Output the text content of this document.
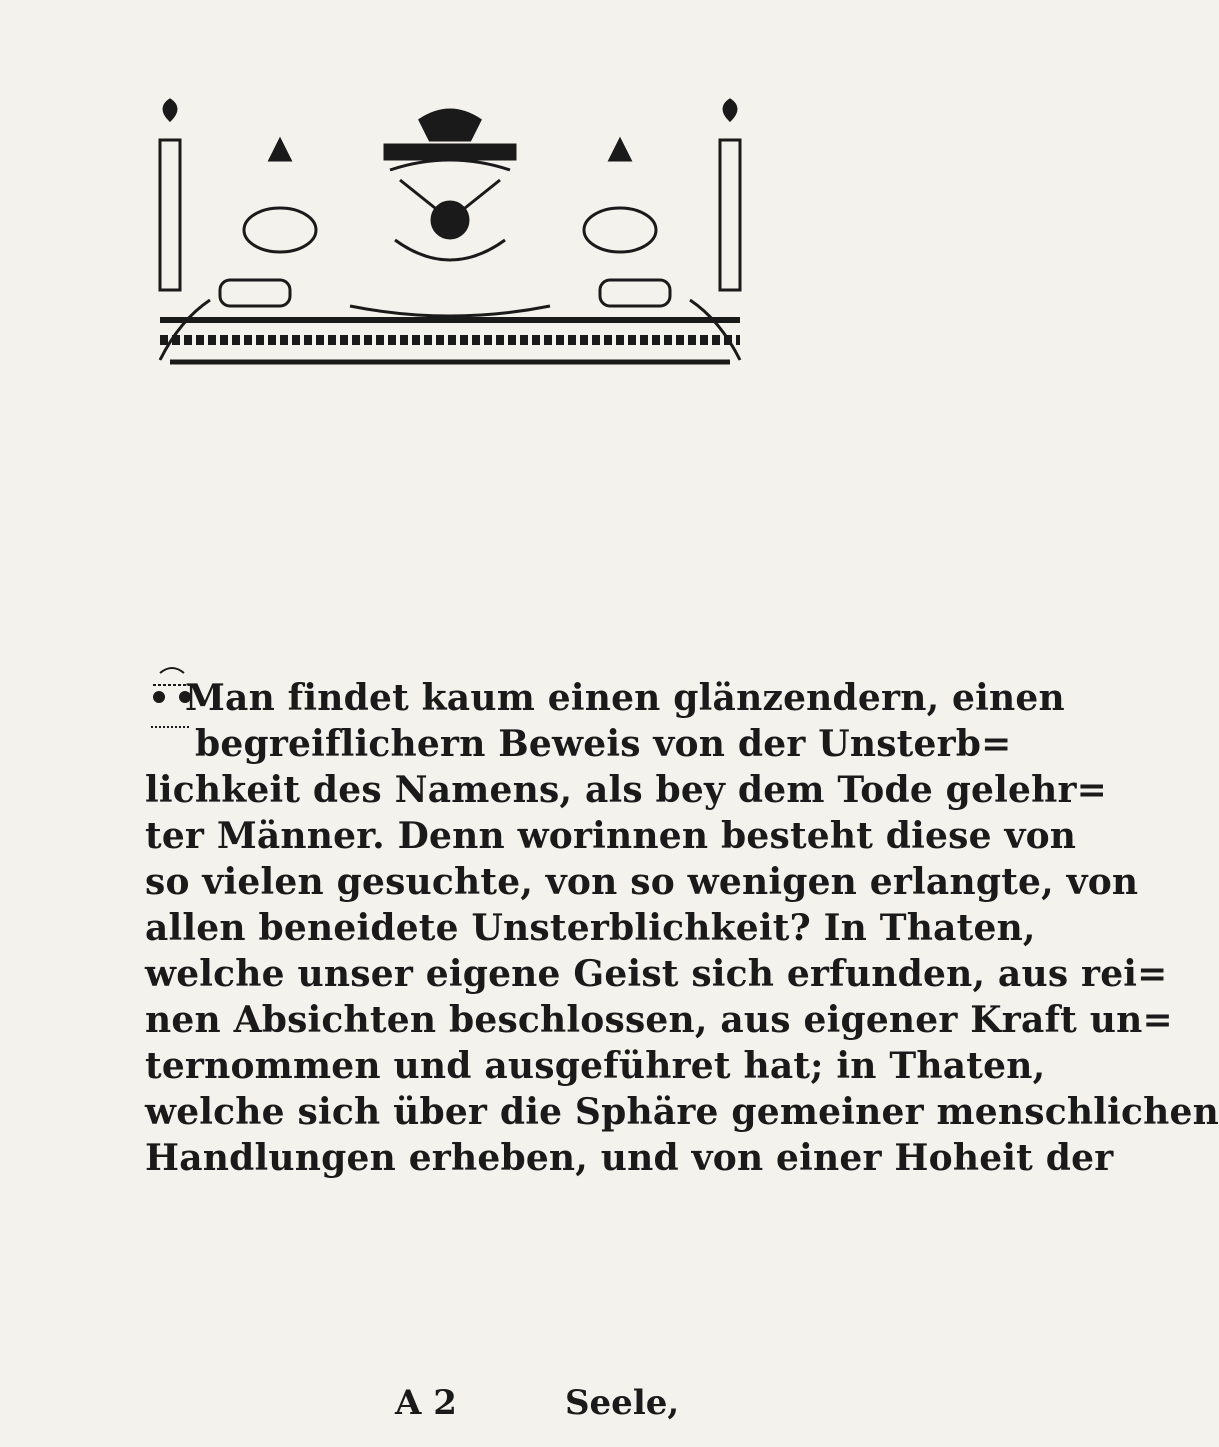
Man findet kaum einen glänzendern, einen
begreiflichern Beweis von der Unsterb=
lichkeit des Namens, als bey dem Tode gelehr=
ter Männer. Denn worinnen besteht diese von
so vielen gesuchte, von so wenigen erlangte, von
allen beneidete Unsterblichkeit? In Thaten,
welche unser eigene Geist sich erfunden, aus rei=
nen Absichten beschlossen, aus eigener Kraft un=
ternommen und ausgeführet hat; in Thaten,
welche sich über die Sphäre gemeiner menschlichen
Handlungen erheben, und von einer Hoheit der
A 2	Seele,
